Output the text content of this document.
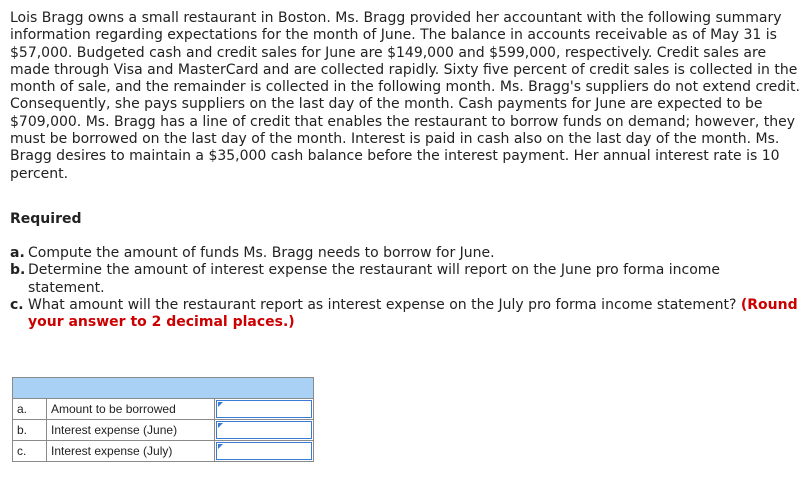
Lois Bragg owns a small restaurant in Boston. Ms. Bragg provided her accountant with the following summary information regarding expectations for the month of June. The balance in accounts receivable as of May 31 is $57,000. Budgeted cash and credit sales for June are $149,000 and $599,000, respectively. Credit sales are made through Visa and MasterCard and are collected rapidly. Sixty five percent of credit sales is collected in the month of sale, and the remainder is collected in the following month. Ms. Bragg's suppliers do not extend credit. Consequently, she pays suppliers on the last day of the month. Cash payments for June are expected to be $709,000. Ms. Bragg has a line of credit that enables the restaurant to borrow funds on demand; however, they must be borrowed on the last day of the month. Interest is paid in cash also on the last day of the month. Ms. Bragg desires to maintain a $35,000 cash balance before the interest payment. Her annual interest rate is 10 percent.

Required

a. Compute the amount of funds Ms. Bragg needs to borrow for June.
b. Determine the amount of interest expense the restaurant will report on the June pro forma income statement.
c. What amount will the restaurant report as interest expense on the July pro forma income statement? (Round your answer to 2 decimal places.)

a.	Amount to be borrowed	

b.	Interest expense (June)	

c.	Interest expense (July)	
